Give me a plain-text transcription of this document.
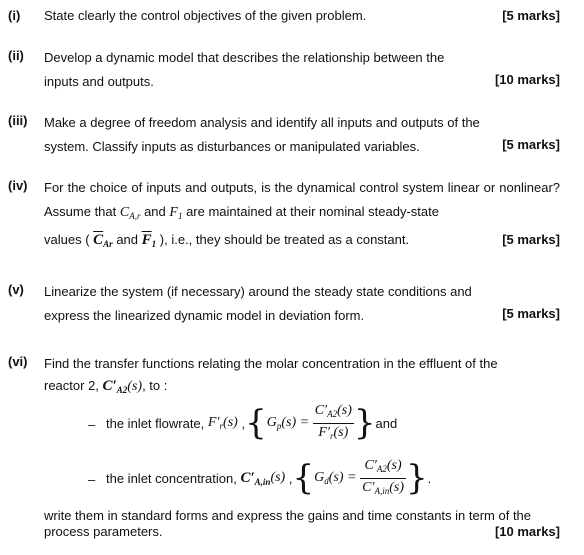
(i) State clearly the control objectives of the given problem.	[5 marks]
(ii) Develop a dynamic model that describes the relationship between the inputs and outputs.	[10 marks]
(iii) Make a degree of freedom analysis and identify all inputs and outputs of the system. Classify inputs as disturbances or manipulated variables.	[5 marks]
(iv) For the choice of inputs and outputs, is the dynamical control system linear or nonlinear? Assume that $C_{A,r}$ and $F_1$ are maintained at their nominal steady-state
values ( $\overline{C}_{Ar}$ and $\overline{F}_1$ ), i.e., they should be treated as a constant.	[5 marks]
(v) Linearize the system (if necessary) around the steady state conditions and express the linearized dynamic model in deviation form.	[5 marks]
(vi) Find the transfer functions relating the molar concentration in the effluent of the
reactor 2, $C'_{A2}(s)$, to :
– the inlet flowrate,
$F'_r(s)$ , { $G_p(s)$ =
$\frac{C'_{A2}(s)}{F'_r(s)}$ } and
– the inlet concentration,
$C'_{A,in}$ (s) , { $G_d(s)$ =
$\frac{C'_{A2}(s)}{C'_{A,in}(s)}$ } .
write them in standard forms and express the gains and time constants in term of the process parameters.	[10 marks]
